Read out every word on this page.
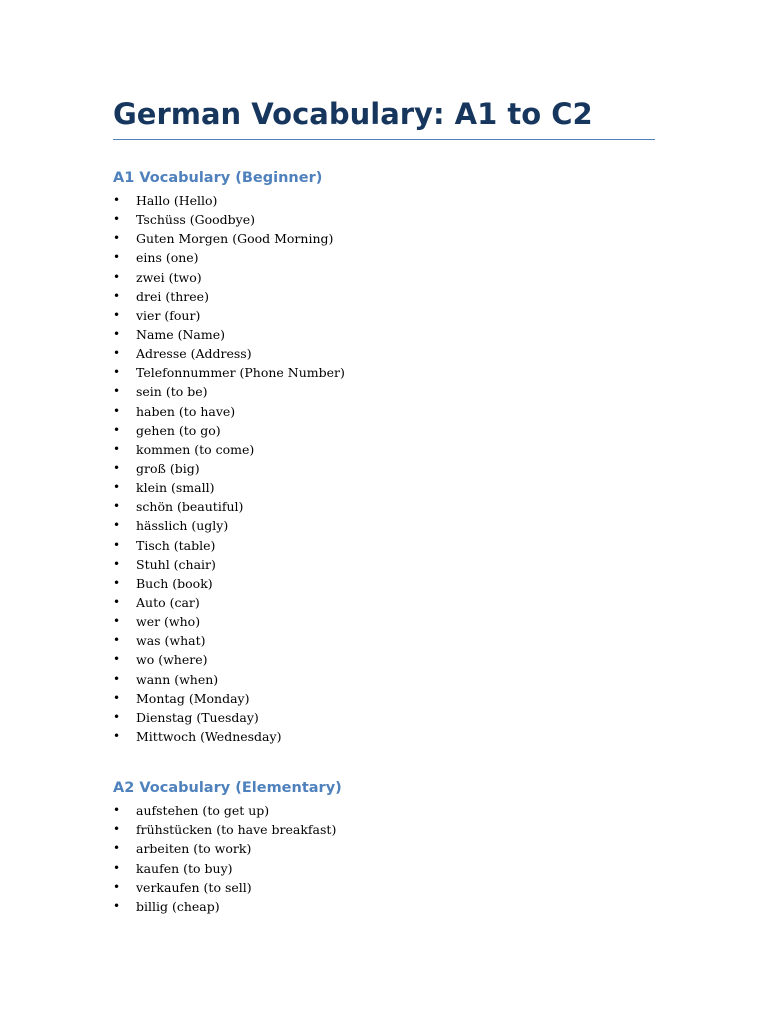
German Vocabulary: A1 to C2
A1 Vocabulary (Beginner)
• Hallo (Hello)
• Tschüss (Goodbye)
• Guten Morgen (Good Morning)
• eins (one)
• zwei (two)
• drei (three)
• vier (four)
• Name (Name)
• Adresse (Address)
• Telefonnummer (Phone Number)
• sein (to be)
• haben (to have)
• gehen (to go)
• kommen (to come)
• groß (big)
• klein (small)
• schön (beautiful)
• hässlich (ugly)
• Tisch (table)
• Stuhl (chair)
• Buch (book)
• Auto (car)
• wer (who)
• was (what)
• wo (where)
• wann (when)
• Montag (Monday)
• Dienstag (Tuesday)
• Mittwoch (Wednesday)
A2 Vocabulary (Elementary)
• aufstehen (to get up)
• frühstücken (to have breakfast)
• arbeiten (to work)
• kaufen (to buy)
• verkaufen (to sell)
• billig (cheap)
